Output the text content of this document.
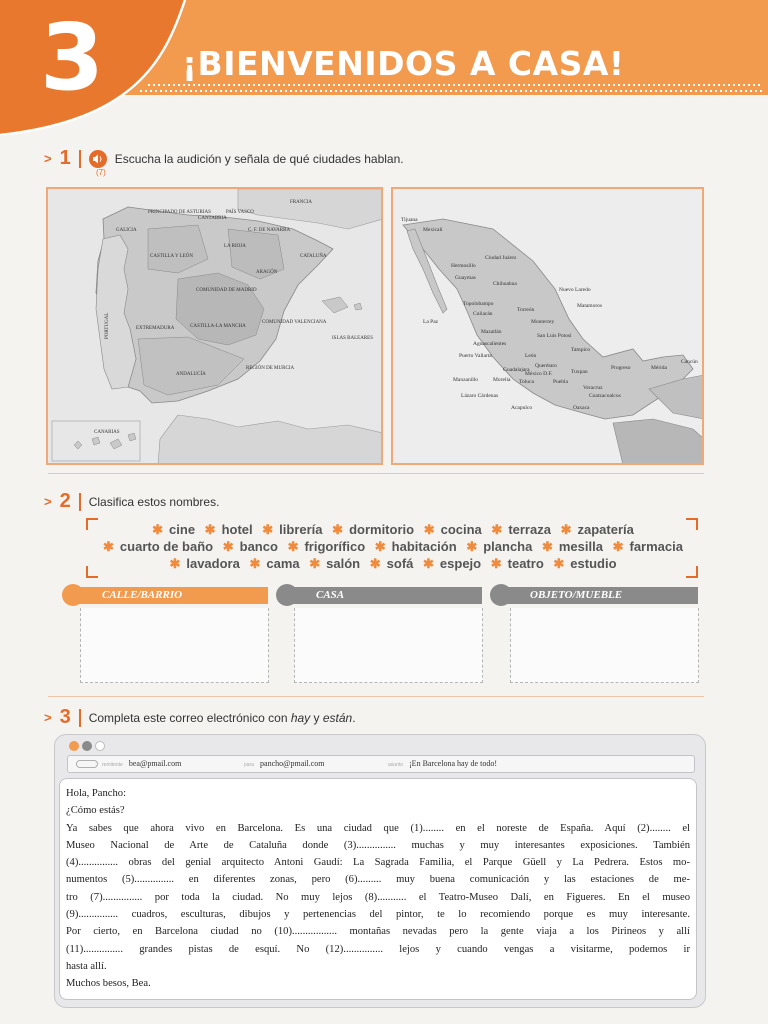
3 ¡BIENVENIDOS A CASA!
> 1	Escucha la audición y señala de qué ciudades hablan.
(7)
FRANCIA
PORTUGAL	ISLAS BALEARES
CANARIAS
PRINCIPADO DE ASTURIAS
CANTABRIA
PAÍS VASCO
GALICIA	C. F. DE NAVARRA
LA RIOJA
CASTILLA Y LEÓN	CATALUÑA
ARAGÓN
COMUNIDAD DE MADRID
EXTREMADURA	CASTILLA-LA MANCHA
COMUNIDAD VALENCIANA
ANDALUCÍA
REGIÓN DE MURCIA
Tijuana
Mexicali
Hermosillo
Guaymas
Chihuahua
Ciudad Juárez
Nuevo Laredo
Matamoros
Topolobampo
Torreón
Culiacán
Monterrey
La Paz
Mazatlán
San Luis Potosí
Tampico
Aguascalientes
Puerto Vallarta	León
Guadalajara
Querétaro
Tuxpan
Progreso	Mérida
Cancún
Manzanillo	Morelia
México D.F.
Toluca	Puebla
Veracruz
Coatzacoalcos
Lázaro Cárdenas
Acapulco	Oaxaca
> 2 Clasifica estos nombres.
✱ cine ✱ hotel ✱ librería ✱ dormitorio ✱ cocina ✱ terraza ✱ zapatería
✱ cuarto de baño ✱ banco ✱ frigorífico ✱ habitación ✱ plancha ✱ mesilla ✱ farmacia
✱ lavadora ✱ cama ✱ salón ✱ sofá ✱ espejo ✱ teatro ✱ estudio
CALLE/BARRIO	CASA	OBJETO/MUEBLE
> 3 Completa este correo electrónico con hay y están.
remitente bea@pmail.com	para pancho@pmail.com	asunto ¡En Barcelona hay de todo!

Hola, Pancho:

¿Cómo estás?

Ya sabes que ahora vivo en Barcelona. Es una ciudad que (1)........ en el noreste de España. Aquí (2)........ el

Museo Nacional de Arte de Cataluña donde (3)............... muchas y muy interesantes exposiciones. También

(4)............... obras del genial arquitecto Antoni Gaudí: La Sagrada Familia, el Parque Güell y La Pedrera. Estos mo-

numentos (5)............... en diferentes zonas, pero (6)......... muy buena comunicación y las estaciones de me-

tro (7)............... por toda la ciudad. No muy lejos (8)........... el Teatro-Museo Dalí, en Figueres. En el museo

(9)............... cuadros, esculturas, dibujos y pertenencias del pintor, te lo recomiendo porque es muy interesante.

Por cierto, en Barcelona ciudad no (10)................. montañas nevadas pero la gente viaja a los Pirineos y allí

(11)............... grandes pistas de esquí. No (12)............... lejos y cuando vengas a visitarme, podemos ir

hasta allí.

Muchos besos, Bea.
